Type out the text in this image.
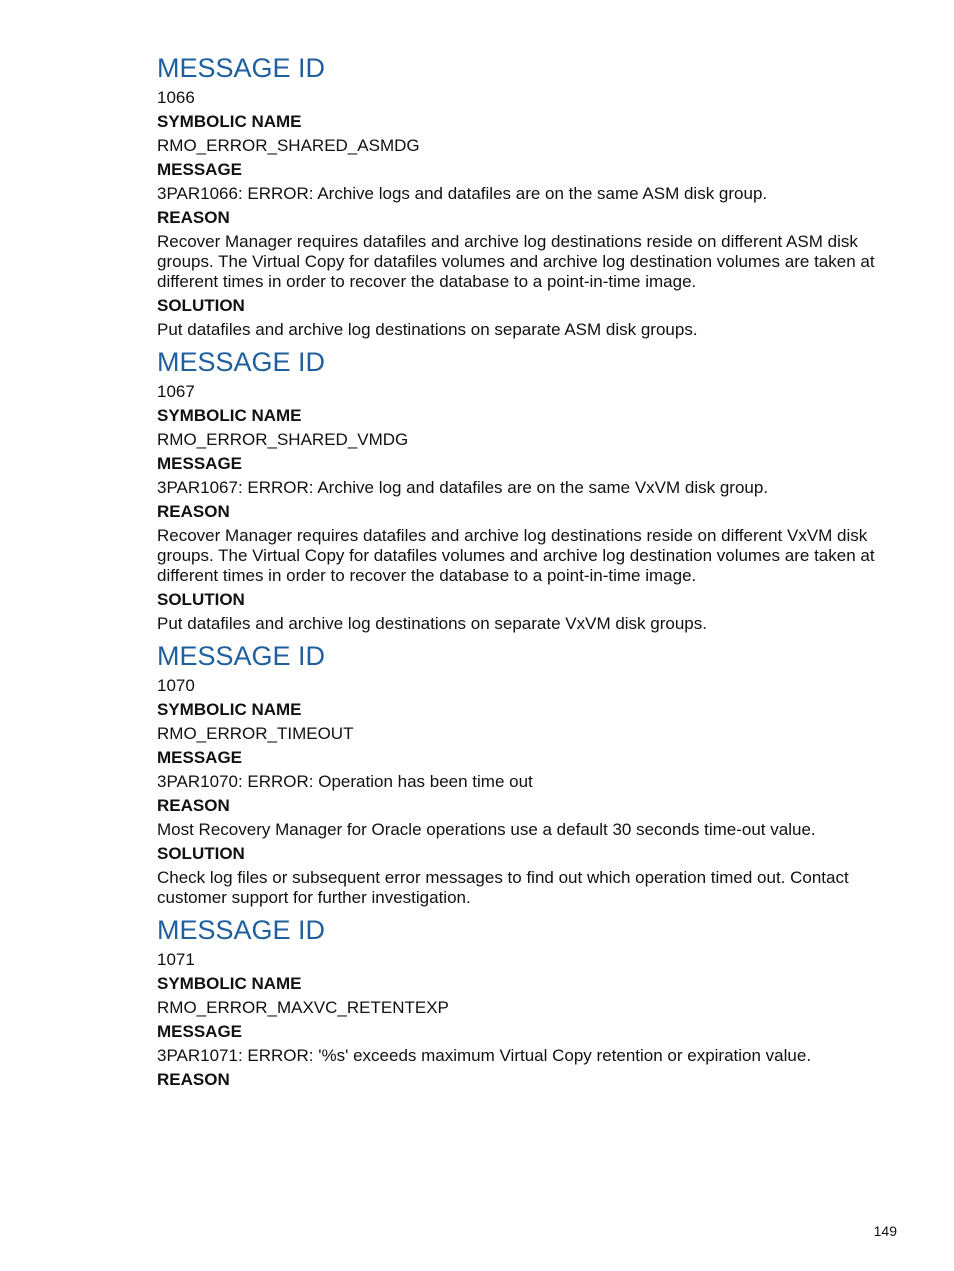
MESSAGE ID
1066
SYMBOLIC NAME
RMO_ERROR_SHARED_ASMDG
MESSAGE
3PAR1066: ERROR: Archive logs and datafiles are on the same ASM disk group.
REASON
Recover Manager requires datafiles and archive log destinations reside on different ASM disk groups. The Virtual Copy for datafiles volumes and archive log destination volumes are taken at different times in order to recover the database to a point-in-time image.
SOLUTION
Put datafiles and archive log destinations on separate ASM disk groups.
MESSAGE ID
1067
SYMBOLIC NAME
RMO_ERROR_SHARED_VMDG
MESSAGE
3PAR1067: ERROR: Archive log and datafiles are on the same VxVM disk group.
REASON
Recover Manager requires datafiles and archive log destinations reside on different VxVM disk groups. The Virtual Copy for datafiles volumes and archive log destination volumes are taken at different times in order to recover the database to a point-in-time image.
SOLUTION
Put datafiles and archive log destinations on separate VxVM disk groups.
MESSAGE ID
1070
SYMBOLIC NAME
RMO_ERROR_TIMEOUT
MESSAGE
3PAR1070: ERROR: Operation has been time out
REASON
Most Recovery Manager for Oracle operations use a default 30 seconds time-out value.
SOLUTION
Check log files or subsequent error messages to find out which operation timed out. Contact customer support for further investigation.
MESSAGE ID
1071
SYMBOLIC NAME
RMO_ERROR_MAXVC_RETENTEXP
MESSAGE
3PAR1071: ERROR: '%s' exceeds maximum Virtual Copy retention or expiration value.
REASON
149
